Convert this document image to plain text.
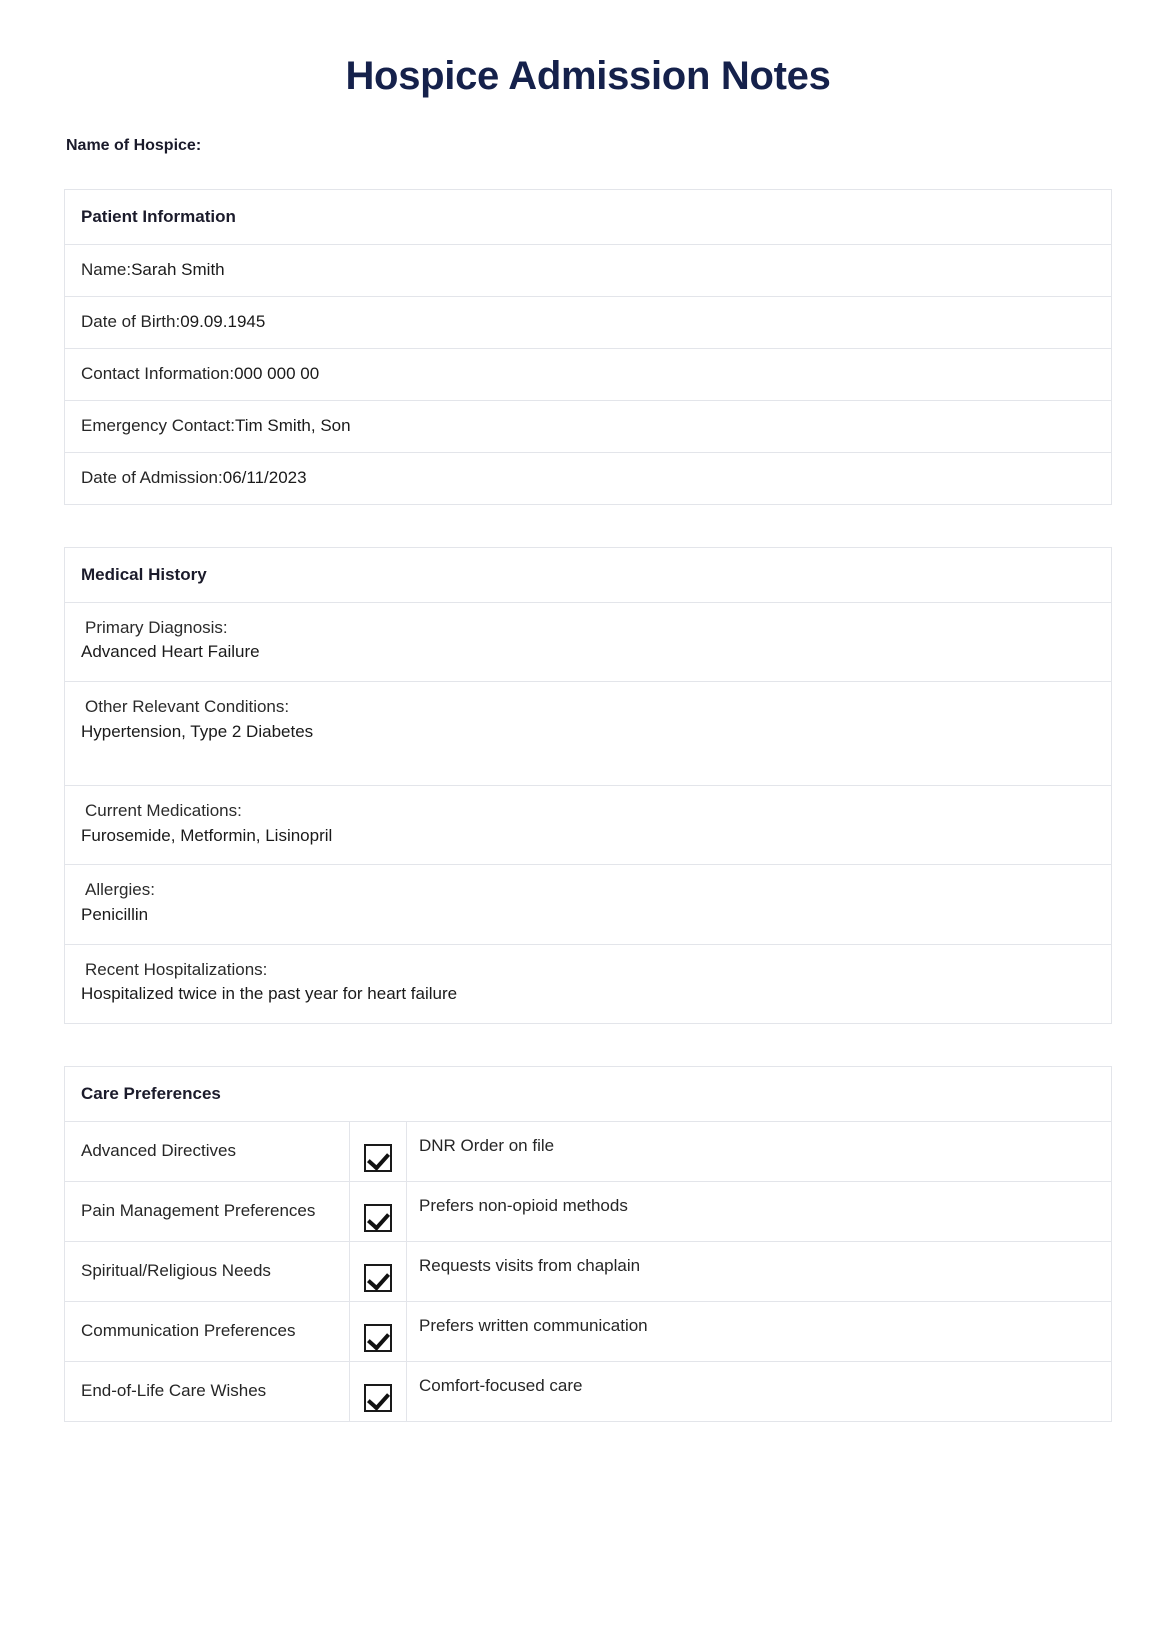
Hospice Admission Notes
Name of Hospice:
Patient Information
Name:Sarah Smith
Date of Birth:09.09.1945
Contact Information:000 000 00
Emergency Contact:Tim Smith, Son
Date of Admission:06/11/2023
Medical History

Primary Diagnosis:
Advanced Heart Failure

Other Relevant Conditions:
Hypertension, Type 2 Diabetes

Current Medications:
Furosemide, Metformin, Lisinopril

Allergies:
Penicillin

Recent Hospitalizations:
Hospitalized twice in the past year for heart failure
Care Preferences		
Advanced Directives		DNR Order on file
Pain Management Preferences		Prefers non-opioid methods
Spiritual/Religious Needs		Requests visits from chaplain
Communication Preferences		Prefers written communication
End-of-Life Care Wishes		Comfort-focused care
